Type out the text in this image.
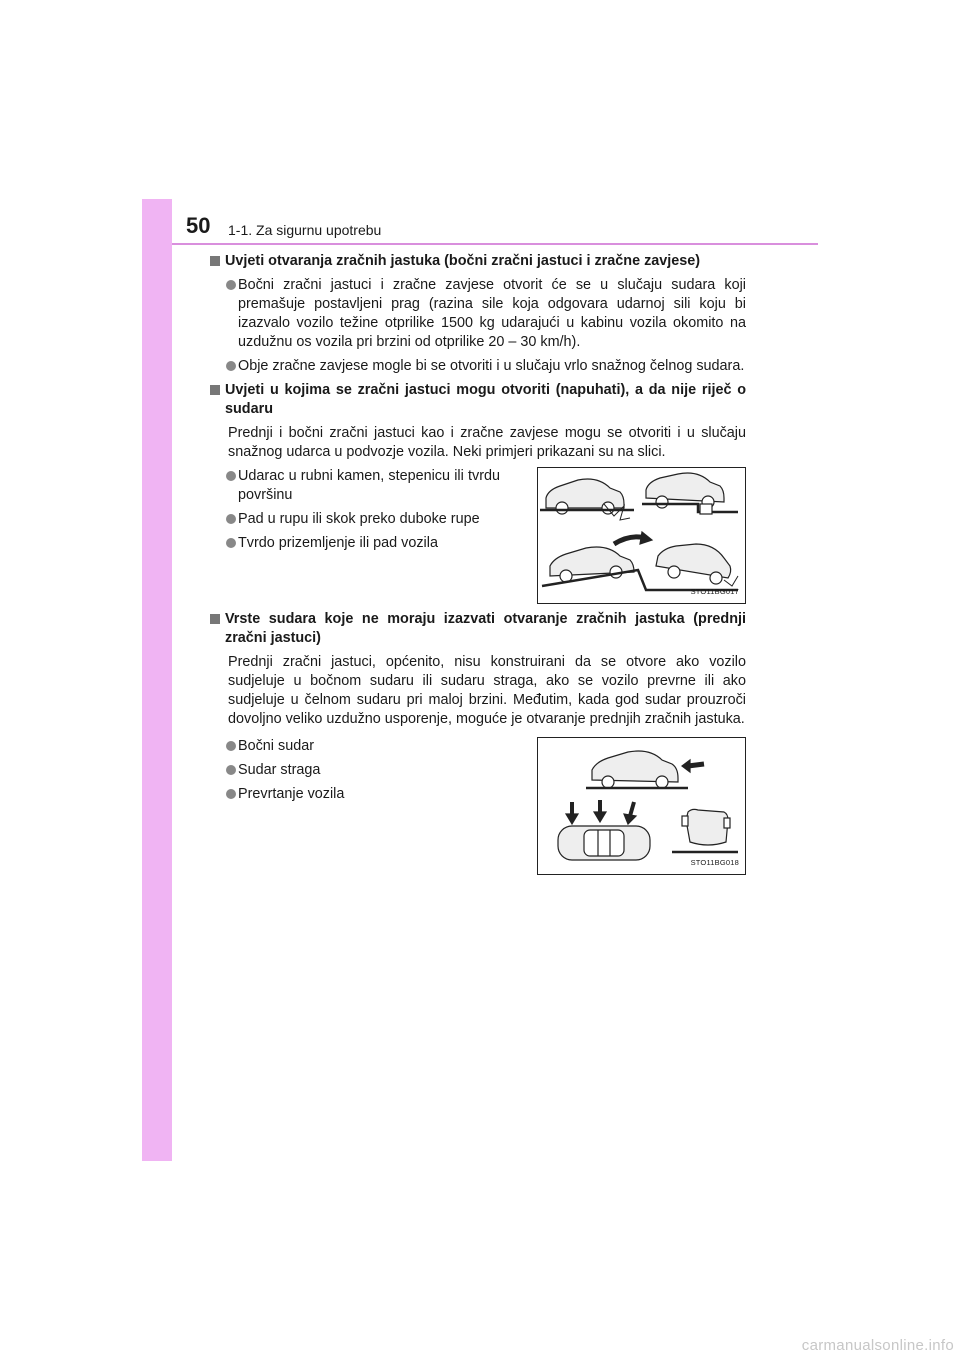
50 1-1. Za sigurnu upotrebu
Uvjeti otvaranja zračnih jastuka (bočni zračni jastuci i zračne zavjese)
Bočni zračni jastuci i zračne zavjese otvorit će se u slučaju sudara koji premašuje postavljeni prag (razina sile koja odgovara udarnoj sili koju bi izazvalo vozilo težine otprilike 1500 kg udarajući u kabinu vozila okomito na uzdužnu os vozila pri brzini od otprilike 20 – 30 km/h).
Obje zračne zavjese mogle bi se otvoriti i u slučaju vrlo snažnog čelnog sudara.
Uvjeti u kojima se zračni jastuci mogu otvoriti (napuhati), a da nije riječ o sudaru
Prednji i bočni zračni jastuci kao i zračne zavjese mogu se otvoriti i u slučaju snažnog udarca u podvozje vozila. Neki primjeri prikazani su na slici.
Udarac u rubni kamen, stepenicu ili tvrdu površinu
Pad u rupu ili skok preko duboke rupe
Tvrdo prizemljenje ili pad vozila
STO11BG017
Vrste sudara koje ne moraju izazvati otvaranje zračnih jastuka (prednji zračni jastuci)
Prednji zračni jastuci, općenito, nisu konstruirani da se otvore ako vozilo sudjeluje u bočnom sudaru ili sudaru straga, ako se vozilo prevrne ili ako sudjeluje u čelnom sudaru pri maloj brzini. Međutim, kada god sudar prouzroči dovoljno veliko uzdužno usporenje, moguće je otvaranje prednjih zračnih jastuka.
Bočni sudar
Sudar straga
Prevrtanje vozila
STO11BG018
carmanualsonline.info
